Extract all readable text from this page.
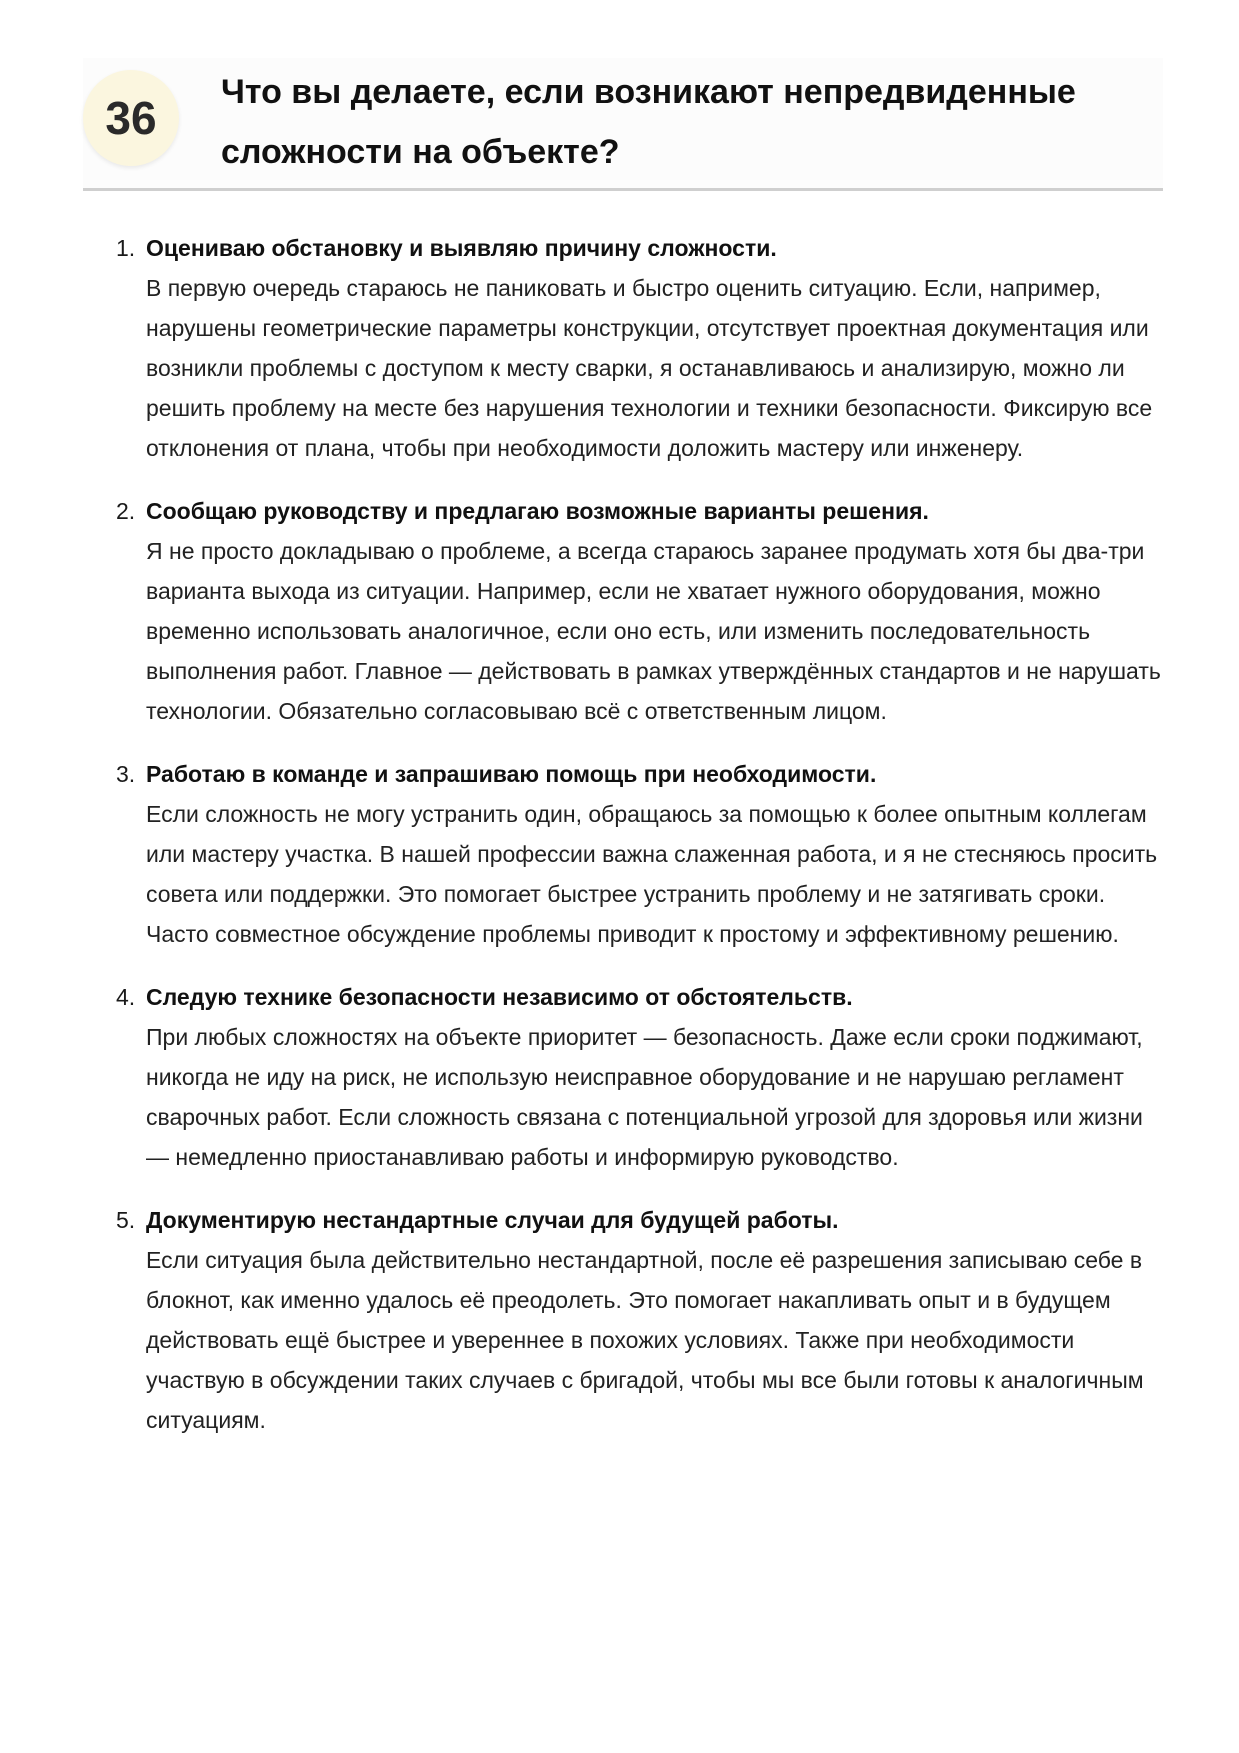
36	Что вы делаете, если возникают непредвиденные сложности на объекте?
1. Оцениваю обстановку и выявляю причину сложности.

В первую очередь стараюсь не паниковать и быстро оценить ситуацию. Если, например, нарушены геометрические параметры конструкции, отсутствует проектная документация или возникли проблемы с доступом к месту сварки, я останавливаюсь и анализирую, можно ли решить проблему на месте без нарушения технологии и техники безопасности. Фиксирую все отклонения от плана, чтобы при необходимости доложить мастеру или инженеру.

2. Сообщаю руководству и предлагаю возможные варианты решения.

Я не просто докладываю о проблеме, а всегда стараюсь заранее продумать хотя бы два-три варианта выхода из ситуации. Например, если не хватает нужного оборудования, можно временно использовать аналогичное, если оно есть, или изменить последовательность выполнения работ. Главное — действовать в рамках утверждённых стандартов и не нарушать технологии. Обязательно согласовываю всё с ответственным лицом.

3. Работаю в команде и запрашиваю помощь при необходимости.

Если сложность не могу устранить один, обращаюсь за помощью к более опытным коллегам или мастеру участка. В нашей профессии важна слаженная работа, и я не стесняюсь просить совета или поддержки. Это помогает быстрее устранить проблему и не затягивать сроки. Часто совместное обсуждение проблемы приводит к простому и эффективному решению.

4. Следую технике безопасности независимо от обстоятельств.

При любых сложностях на объекте приоритет — безопасность. Даже если сроки поджимают, никогда не иду на риск, не использую неисправное оборудование и не нарушаю регламент сварочных работ. Если сложность связана с потенциальной угрозой для здоровья или жизни — немедленно приостанавливаю работы и информирую руководство.

5. Документирую нестандартные случаи для будущей работы.

Если ситуация была действительно нестандартной, после её разрешения записываю себе в блокнот, как именно удалось её преодолеть. Это помогает накапливать опыт и в будущем действовать ещё быстрее и увереннее в похожих условиях. Также при необходимости участвую в обсуждении таких случаев с бригадой, чтобы мы все были готовы к аналогичным ситуациям.
